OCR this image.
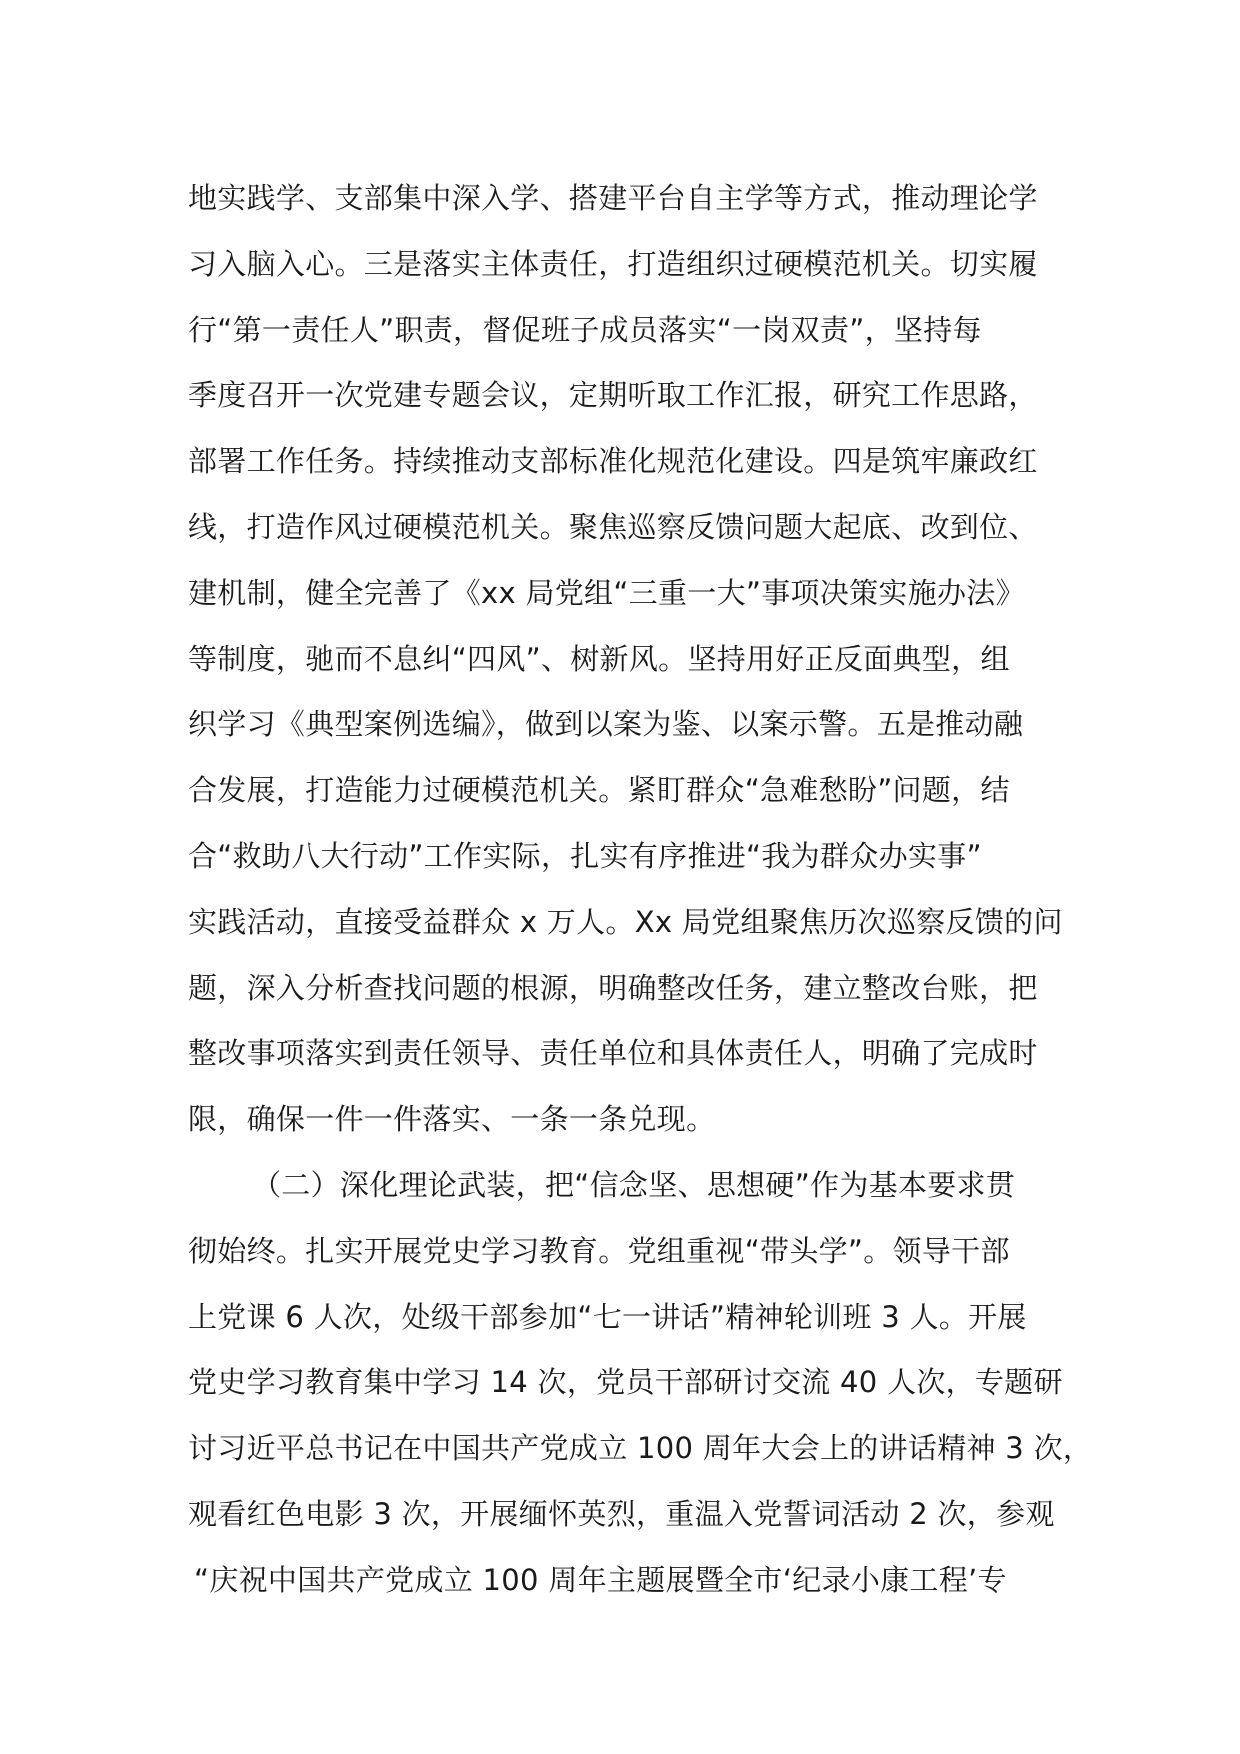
地实践学、支部集中深入学、搭建平台自主学等方式，推动理论学
习入脑入心。三是落实主体责任，打造组织过硬模范机关。切实履
行“第一责任人”职责，督促班子成员落实“一岗双责”，坚持每
季度召开一次党建专题会议，定期听取工作汇报，研究工作思路，
部署工作任务。持续推动支部标准化规范化建设。四是筑牢廉政红
线，打造作风过硬模范机关。聚焦巡察反馈问题大起底、改到位、
建机制，健全完善了《xx 局党组“三重一大”事项决策实施办法》
等制度，驰而不息纠“四风”、树新风。坚持用好正反面典型，组
织学习《典型案例选编》，做到以案为鉴、以案示警。五是推动融
合发展，打造能力过硬模范机关。紧盯群众“急难愁盼”问题，结
合“救助八大行动”工作实际，扎实有序推进“我为群众办实事”
实践活动，直接受益群众 x 万人。Xx 局党组聚焦历次巡察反馈的问
题，深入分析查找问题的根源，明确整改任务，建立整改台账，把
整改事项落实到责任领导、责任单位和具体责任人，明确了完成时
限，确保一件一件落实、一条一条兑现。
（二）深化理论武装，把“信念坚、思想硬”作为基本要求贯
彻始终。扎实开展党史学习教育。党组重视“带头学”。领导干部
上党课 6 人次，处级干部参加“七一讲话”精神轮训班 3 人。开展
党史学习教育集中学习 14 次，党员干部研讨交流 40 人次，专题研
讨习近平总书记在中国共产党成立 100 周年大会上的讲话精神 3 次，
观看红色电影 3 次，开展缅怀英烈，重温入党誓词活动 2 次，参观
“庆祝中国共产党成立 100 周年主题展暨全市‘纪录小康工程’专
